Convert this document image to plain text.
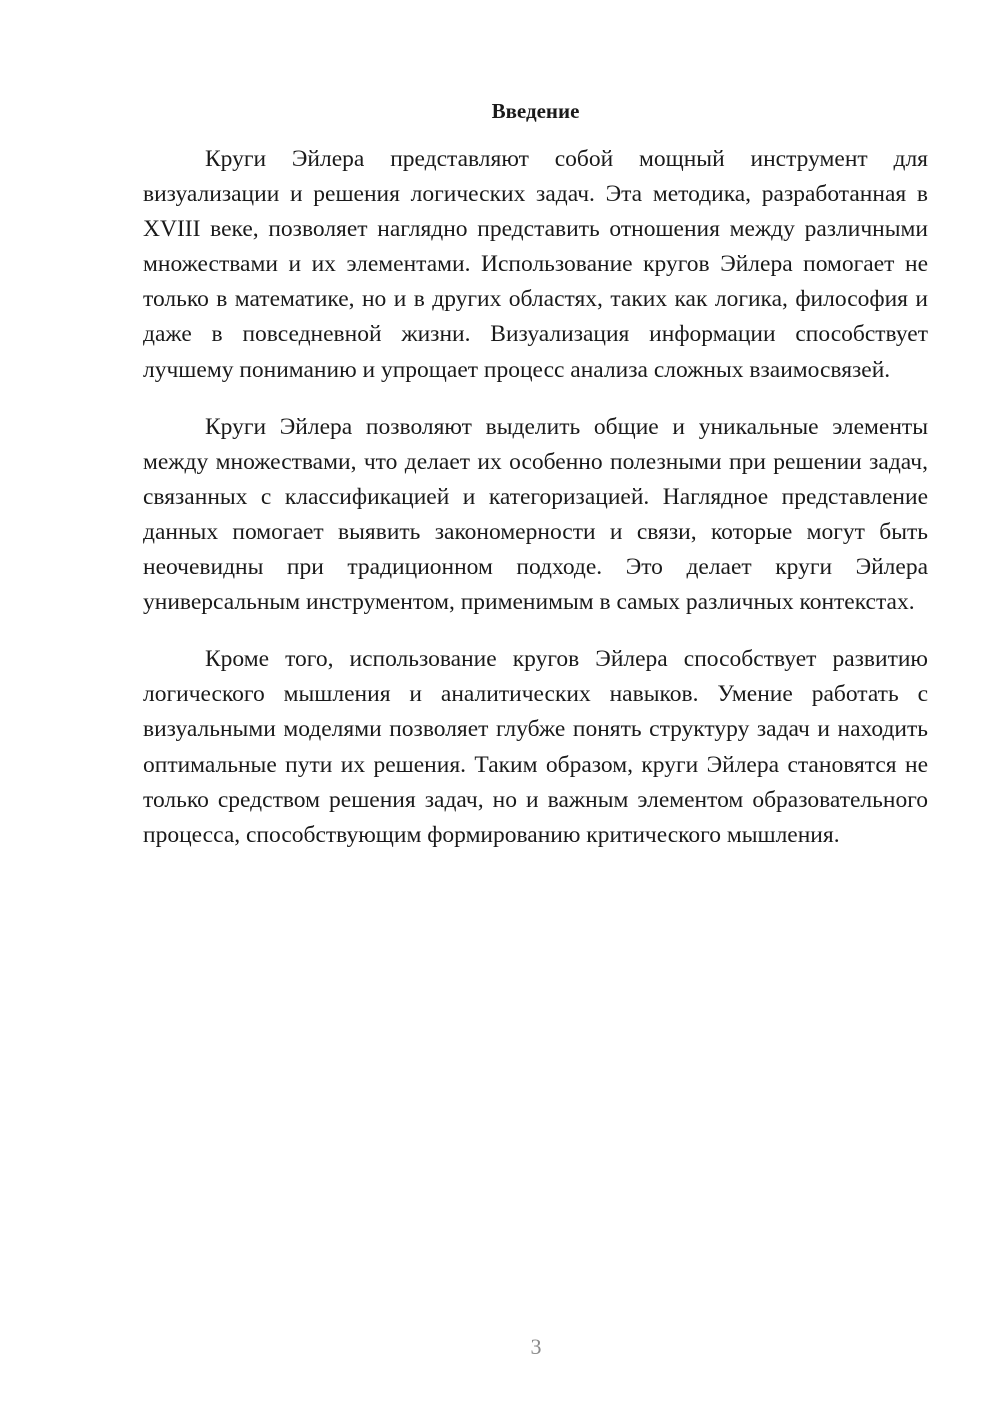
Введение

Круги Эйлера представляют собой мощный инструмент для визуализации и решения логических задач. Эта методика, разработанная в XVIII веке, позволяет наглядно представить отношения между различными множествами и их элементами. Использование кругов Эйлера помогает не только в математике, но и в других областях, таких как логика, философия и даже в повседневной жизни. Визуализация информации способствует лучшему пониманию и упрощает процесс анализа сложных взаимосвязей.

Круги Эйлера позволяют выделить общие и уникальные элементы между множествами, что делает их особенно полезными при решении задач, связанных с классификацией и категоризацией. Наглядное представление данных помогает выявить закономерности и связи, которые могут быть неочевидны при традиционном подходе. Это делает круги Эйлера универсальным инструментом, применимым в самых различных контекстах.

Кроме того, использование кругов Эйлера способствует развитию логического мышления и аналитических навыков. Умение работать с визуальными моделями позволяет глубже понять структуру задач и находить оптимальные пути их решения. Таким образом, круги Эйлера становятся не только средством решения задач, но и важным элементом образовательного процесса, способствующим формированию критического мышления.

3
